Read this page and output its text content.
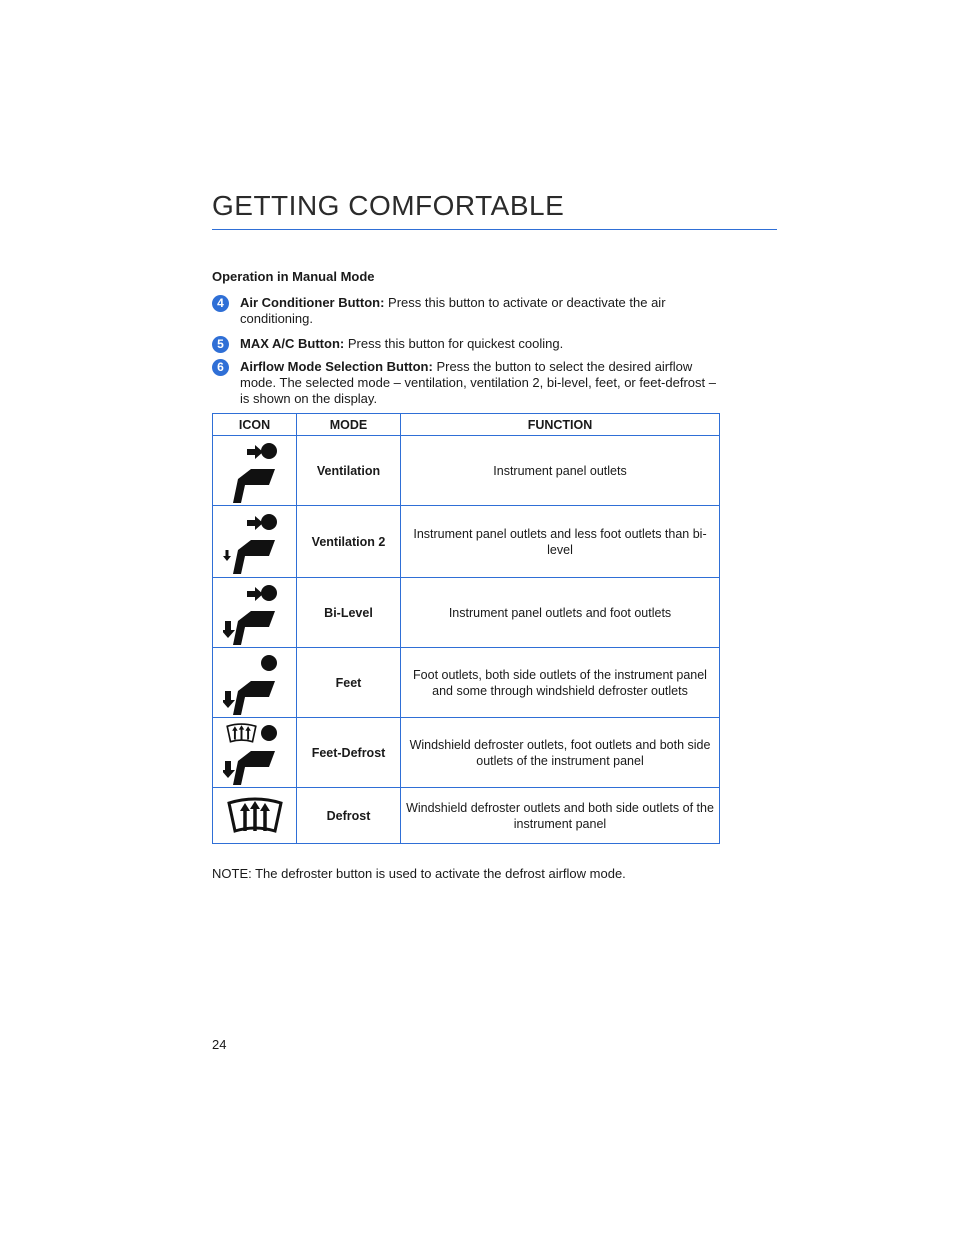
GETTING COMFORTABLE
Operation in Manual Mode
4	Air Conditioner Button: Press this button to activate or deactivate the air conditioning.
5	MAX A/C Button: Press this button for quickest cooling.
6	Airflow Mode Selection Button: Press the button to select the desired airflow mode. The selected mode – ventilation, ventilation 2, bi-level, feet, or feet-defrost – is shown on the display.
ICON	MODE	FUNCTION

	Ventilation	Instrument panel outlets

	Ventilation 2	Instrument panel outlets and less foot outlets than bi-level

	Bi-Level	Instrument panel outlets and foot outlets

	Feet	Foot outlets, both side outlets of the instrument panel and some through windshield defroster outlets

	Feet-Defrost	Windshield defroster outlets, foot outlets and both side outlets of the instrument panel

	Defrost	Windshield defroster outlets and both side outlets of the instrument panel
NOTE: The defroster button is used to activate the defrost airflow mode.
24
